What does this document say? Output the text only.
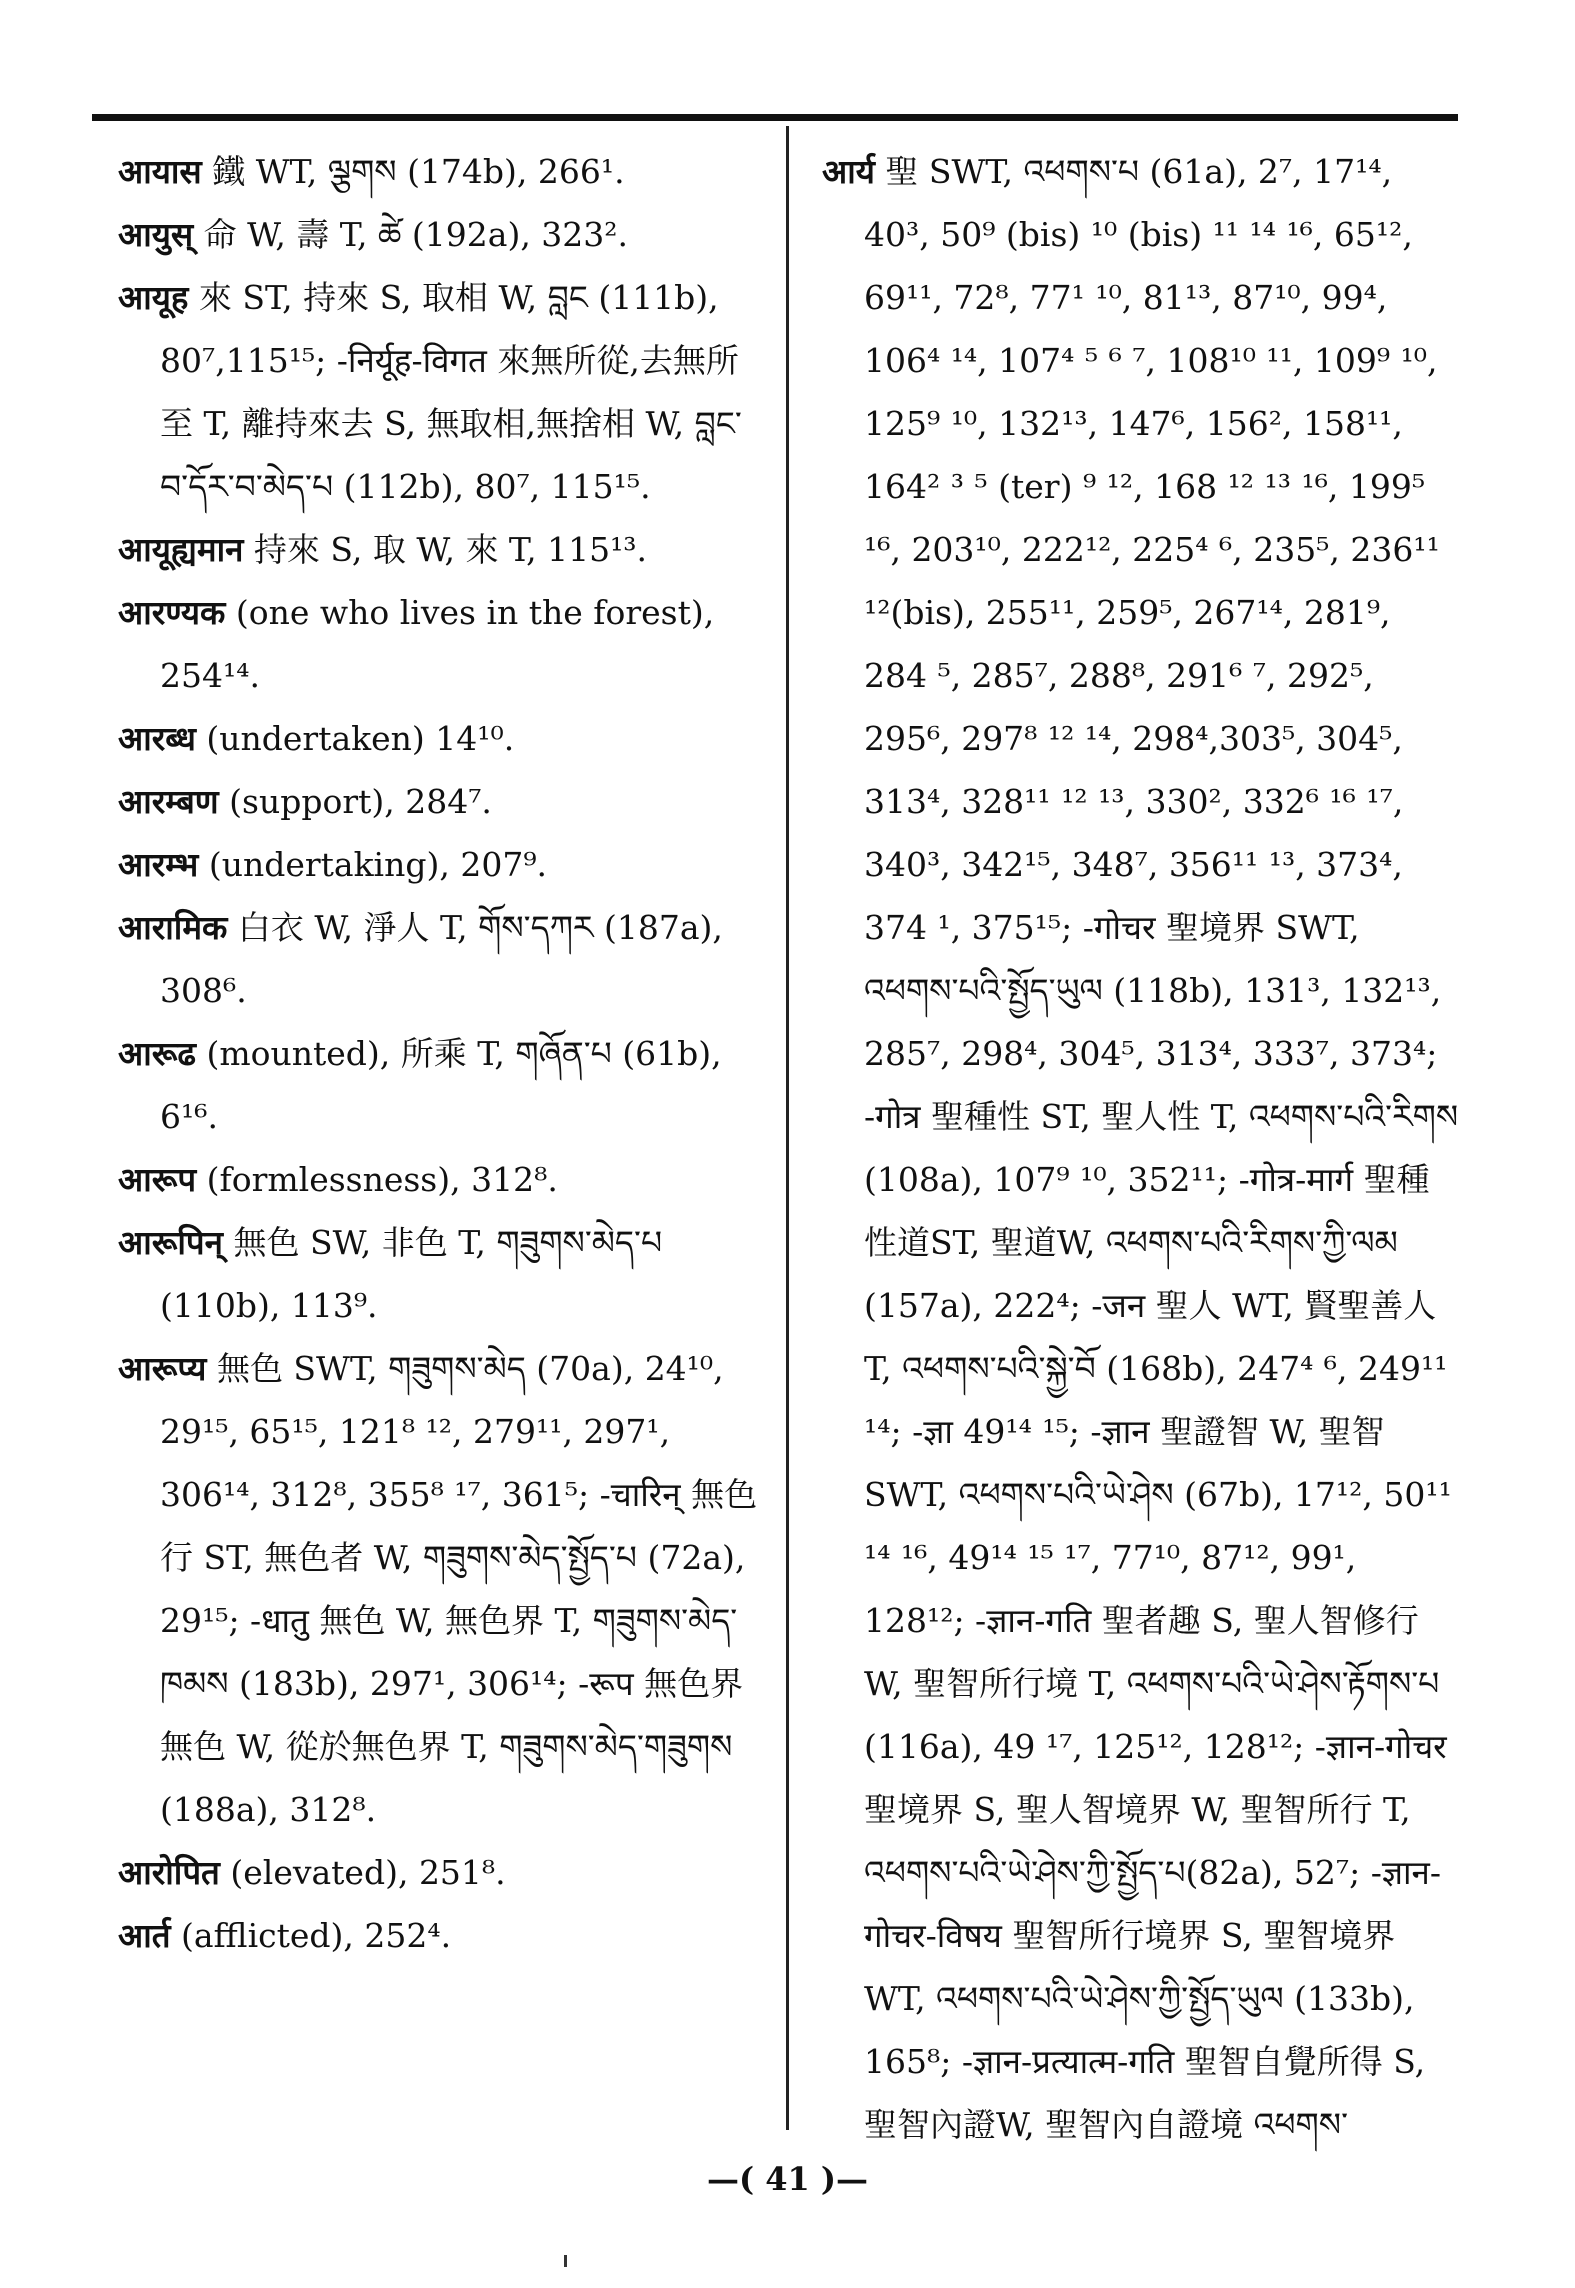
आयास 鐵 WT, ལྕགས (174b), 266¹.

आयुस् 命 W, 壽 T, ཚེ (192a), 323².

आयूह 來 ST, 持來 S, 取相 W, བླང (111b), 80⁷,115¹⁵; -निर्यूह-विगत 來無所從,去無所至 T, 離持來去 S, 無取相,無捨相 W, བླང་བ་དོར་བ་མེད་པ (112b), 80⁷, 115¹⁵.

आयूह्यमान 持來 S, 取 W, 來 T, 115¹³.

आरण्यक (one who lives in the forest), 254¹⁴.

आरब्ध (undertaken) 14¹⁰.

आरम्बण (support), 284⁷.

आरम्भ (undertaking), 207⁹.

आरामिक 白衣 W, 淨人 T, གོས་དཀར (187a), 308⁶.

आरूढ (mounted), 所乘 T, གཞོན་པ (61b), 6¹⁶.

आरूप (formlessness), 312⁸.

आरूपिन् 無色 SW, 非色 T, གཟུགས་མེད་པ (110b), 113⁹.

आरूप्य 無色 SWT, གཟུགས་མེད (70a), 24¹⁰, 29¹⁵, 65¹⁵, 121⁸ ¹², 279¹¹, 297¹, 306¹⁴, 312⁸, 355⁸ ¹⁷, 361⁵; -चारिन् 無色行 ST, 無色者 W, གཟུགས་མེད་སྤྱོད་པ (72a), 29¹⁵; -धातु 無色 W, 無色界 T, གཟུགས་མེད་ཁམས (183b), 297¹, 306¹⁴; -रूप 無色界無色 W, 從於無色界 T, གཟུགས་མེད་གཟུགས (188a), 312⁸.

आरोपित (elevated), 251⁸.

आर्त (afflicted), 252⁴.

आर्य 聖 SWT, འཕགས་པ (61a), 2⁷, 17¹⁴, 40³, 50⁹ (bis) ¹⁰ (bis) ¹¹ ¹⁴ ¹⁶, 65¹², 69¹¹, 72⁸, 77¹ ¹⁰, 81¹³, 87¹⁰, 99⁴, 106⁴ ¹⁴, 107⁴ ⁵ ⁶ ⁷, 108¹⁰ ¹¹, 109⁹ ¹⁰, 125⁹ ¹⁰, 132¹³, 147⁶, 156², 158¹¹, 164² ³ ⁵ (ter) ⁹ ¹², 168 ¹² ¹³ ¹⁶, 199⁵ ¹⁶, 203¹⁰, 222¹², 225⁴ ⁶, 235⁵, 236¹¹ ¹²(bis), 255¹¹, 259⁵, 267¹⁴, 281⁹, 284 ⁵, 285⁷, 288⁸, 291⁶ ⁷, 292⁵, 295⁶, 297⁸ ¹² ¹⁴, 298⁴,303⁵, 304⁵, 313⁴, 328¹¹ ¹² ¹³, 330², 332⁶ ¹⁶ ¹⁷, 340³, 342¹⁵, 348⁷, 356¹¹ ¹³, 373⁴, 374 ¹, 375¹⁵; -गोचर 聖境界 SWT, འཕགས་པའི་སྤྱོད་ཡུལ (118b), 131³, 132¹³, 285⁷, 298⁴, 304⁵, 313⁴, 333⁷, 373⁴; -गोत्र 聖種性 ST, 聖人性 T, འཕགས་པའི་རིགས (108a), 107⁹ ¹⁰, 352¹¹; -गोत्र-मार्ग 聖種性道ST, 聖道W, འཕགས་པའི་རིགས་ཀྱི་ལམ (157a), 222⁴; -जन 聖人 WT, 賢聖善人 T, འཕགས་པའི་སྐྱེ་བོ (168b), 247⁴ ⁶, 249¹¹ ¹⁴; -ज्ञा 49¹⁴ ¹⁵; -ज्ञान 聖證智 W, 聖智SWT, འཕགས་པའི་ཡེ་ཤེས (67b), 17¹², 50¹¹ ¹⁴ ¹⁶, 49¹⁴ ¹⁵ ¹⁷, 77¹⁰, 87¹², 99¹, 128¹²; -ज्ञान-गति 聖者趣 S, 聖人智修行 W, 聖智所行境 T, འཕགས་པའི་ཡེ་ཤེས་རྟོགས་པ (116a), 49 ¹⁷, 125¹², 128¹²; -ज्ञान-गोचर 聖境界 S, 聖人智境界 W, 聖智所行 T, འཕགས་པའི་ཡེ་ཤེས་ཀྱི་སྤྱོད་པ(82a), 52⁷; -ज्ञान-गोचर-विषय 聖智所行境界 S, 聖智境界 WT, འཕགས་པའི་ཡེ་ཤེས་ཀྱི་སྤྱོད་ཡུལ (133b), 165⁸; -ज्ञान-प्रत्यात्म-गति 聖智自覺所得 S, 聖智內證W, 聖智內自證境 འཕགས་

—( 41 )—
